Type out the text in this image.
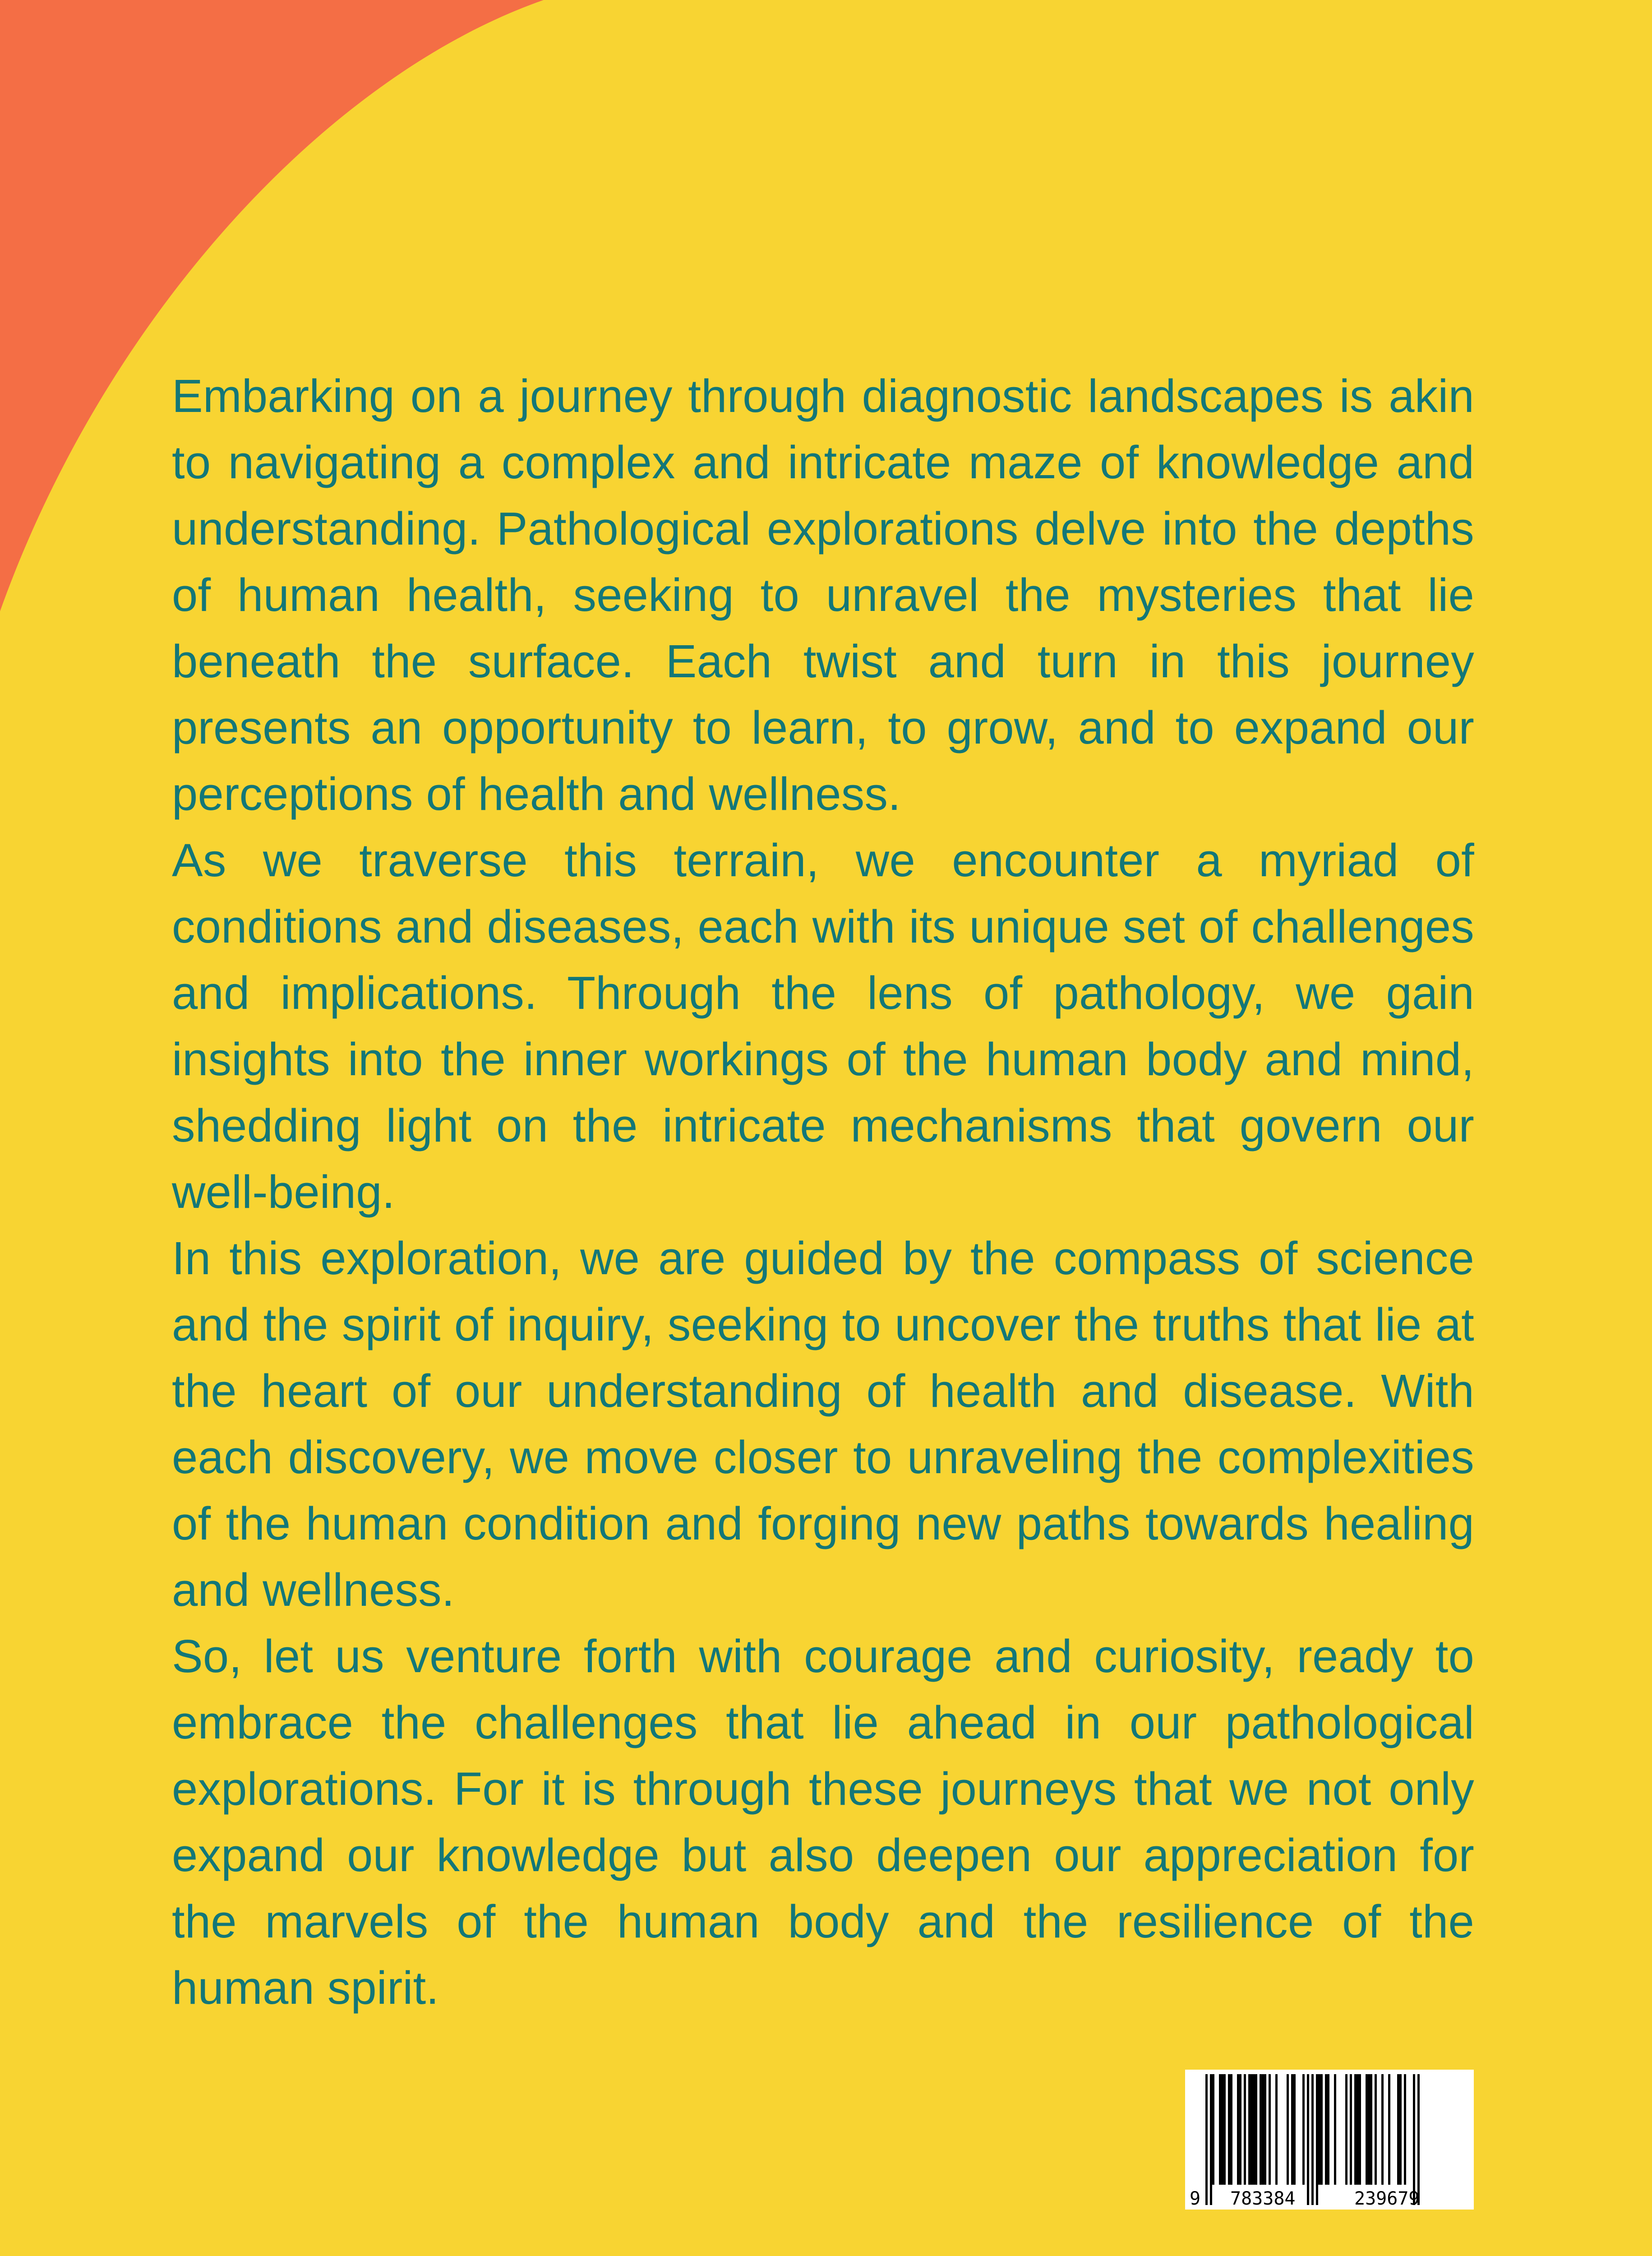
Embarking on a journey through diagnostic landscapes is akin to navigating a complex and intricate maze of knowledge and understanding. Pathological explorations delve into the depths of human health, seeking to unravel the mysteries that lie beneath the surface. Each twist and turn in this journey presents an opportunity to learn, to grow, and to expand our perceptions of health and wellness.

As we traverse this terrain, we encounter a myriad of conditions and diseases, each with its unique set of challenges and implications. Through the lens of pathology, we gain insights into the inner workings of the human body and mind, shedding light on the intricate mechanisms that govern our well-being.

In this exploration, we are guided by the compass of science and the spirit of inquiry, seeking to uncover the truths that lie at the heart of our understanding of health and disease. With each discovery, we move closer to unraveling the complexities of the human condition and forging new paths towards healing and wellness.

So, let us venture forth with courage and curiosity, ready to embrace the challenges that lie ahead in our pathological explorations. For it is through these journeys that we not only expand our knowledge but also deepen our appreciation for the marvels of the human body and the resilience of the human spirit.

9 783384	239679
